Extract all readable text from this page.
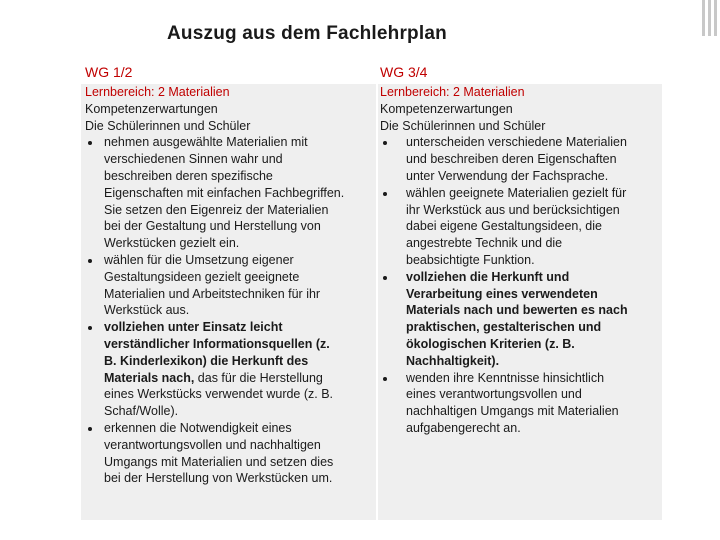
Auszug aus dem Fachlehrplan
WG 1/2
Lernbereich: 2 Materialien
Kompetenzerwartungen
Die Schülerinnen und Schüler
nehmen ausgewählte Materialien mit
verschiedenen Sinnen wahr und
beschreiben deren spezifische
Eigenschaften mit einfachen Fachbegriffen.
Sie setzen den Eigenreiz der Materialien
bei der Gestaltung und Herstellung von
Werkstücken gezielt ein.
wählen für die Umsetzung eigener
Gestaltungsideen gezielt geeignete
Materialien und Arbeitstechniken für ihr
Werkstück aus.
vollziehen unter Einsatz leicht
verständlicher Informationsquellen (z.
B. Kinderlexikon) die Herkunft des
Materials nach, das für die Herstellung
eines Werkstücks verwendet wurde (z. B.
Schaf/Wolle).
erkennen die Notwendigkeit eines
verantwortungsvollen und nachhaltigen
Umgangs mit Materialien und setzen dies
bei der Herstellung von Werkstücken um.
WG 3/4
Lernbereich: 2 Materialien
Kompetenzerwartungen
Die Schülerinnen und Schüler
unterscheiden verschiedene Materialien
und beschreiben deren Eigenschaften
unter Verwendung der Fachsprache.
wählen geeignete Materialien gezielt für
ihr Werkstück aus und berücksichtigen
dabei eigene Gestaltungsideen, die
angestrebte Technik und die
beabsichtigte Funktion.
vollziehen die Herkunft und
Verarbeitung eines verwendeten
Materials nach und bewerten es nach
praktischen, gestalterischen und
ökologischen Kriterien (z. B.
Nachhaltigkeit).
wenden ihre Kenntnisse hinsichtlich
eines verantwortungsvollen und
nachhaltigen Umgangs mit Materialien
aufgabengerecht an.
